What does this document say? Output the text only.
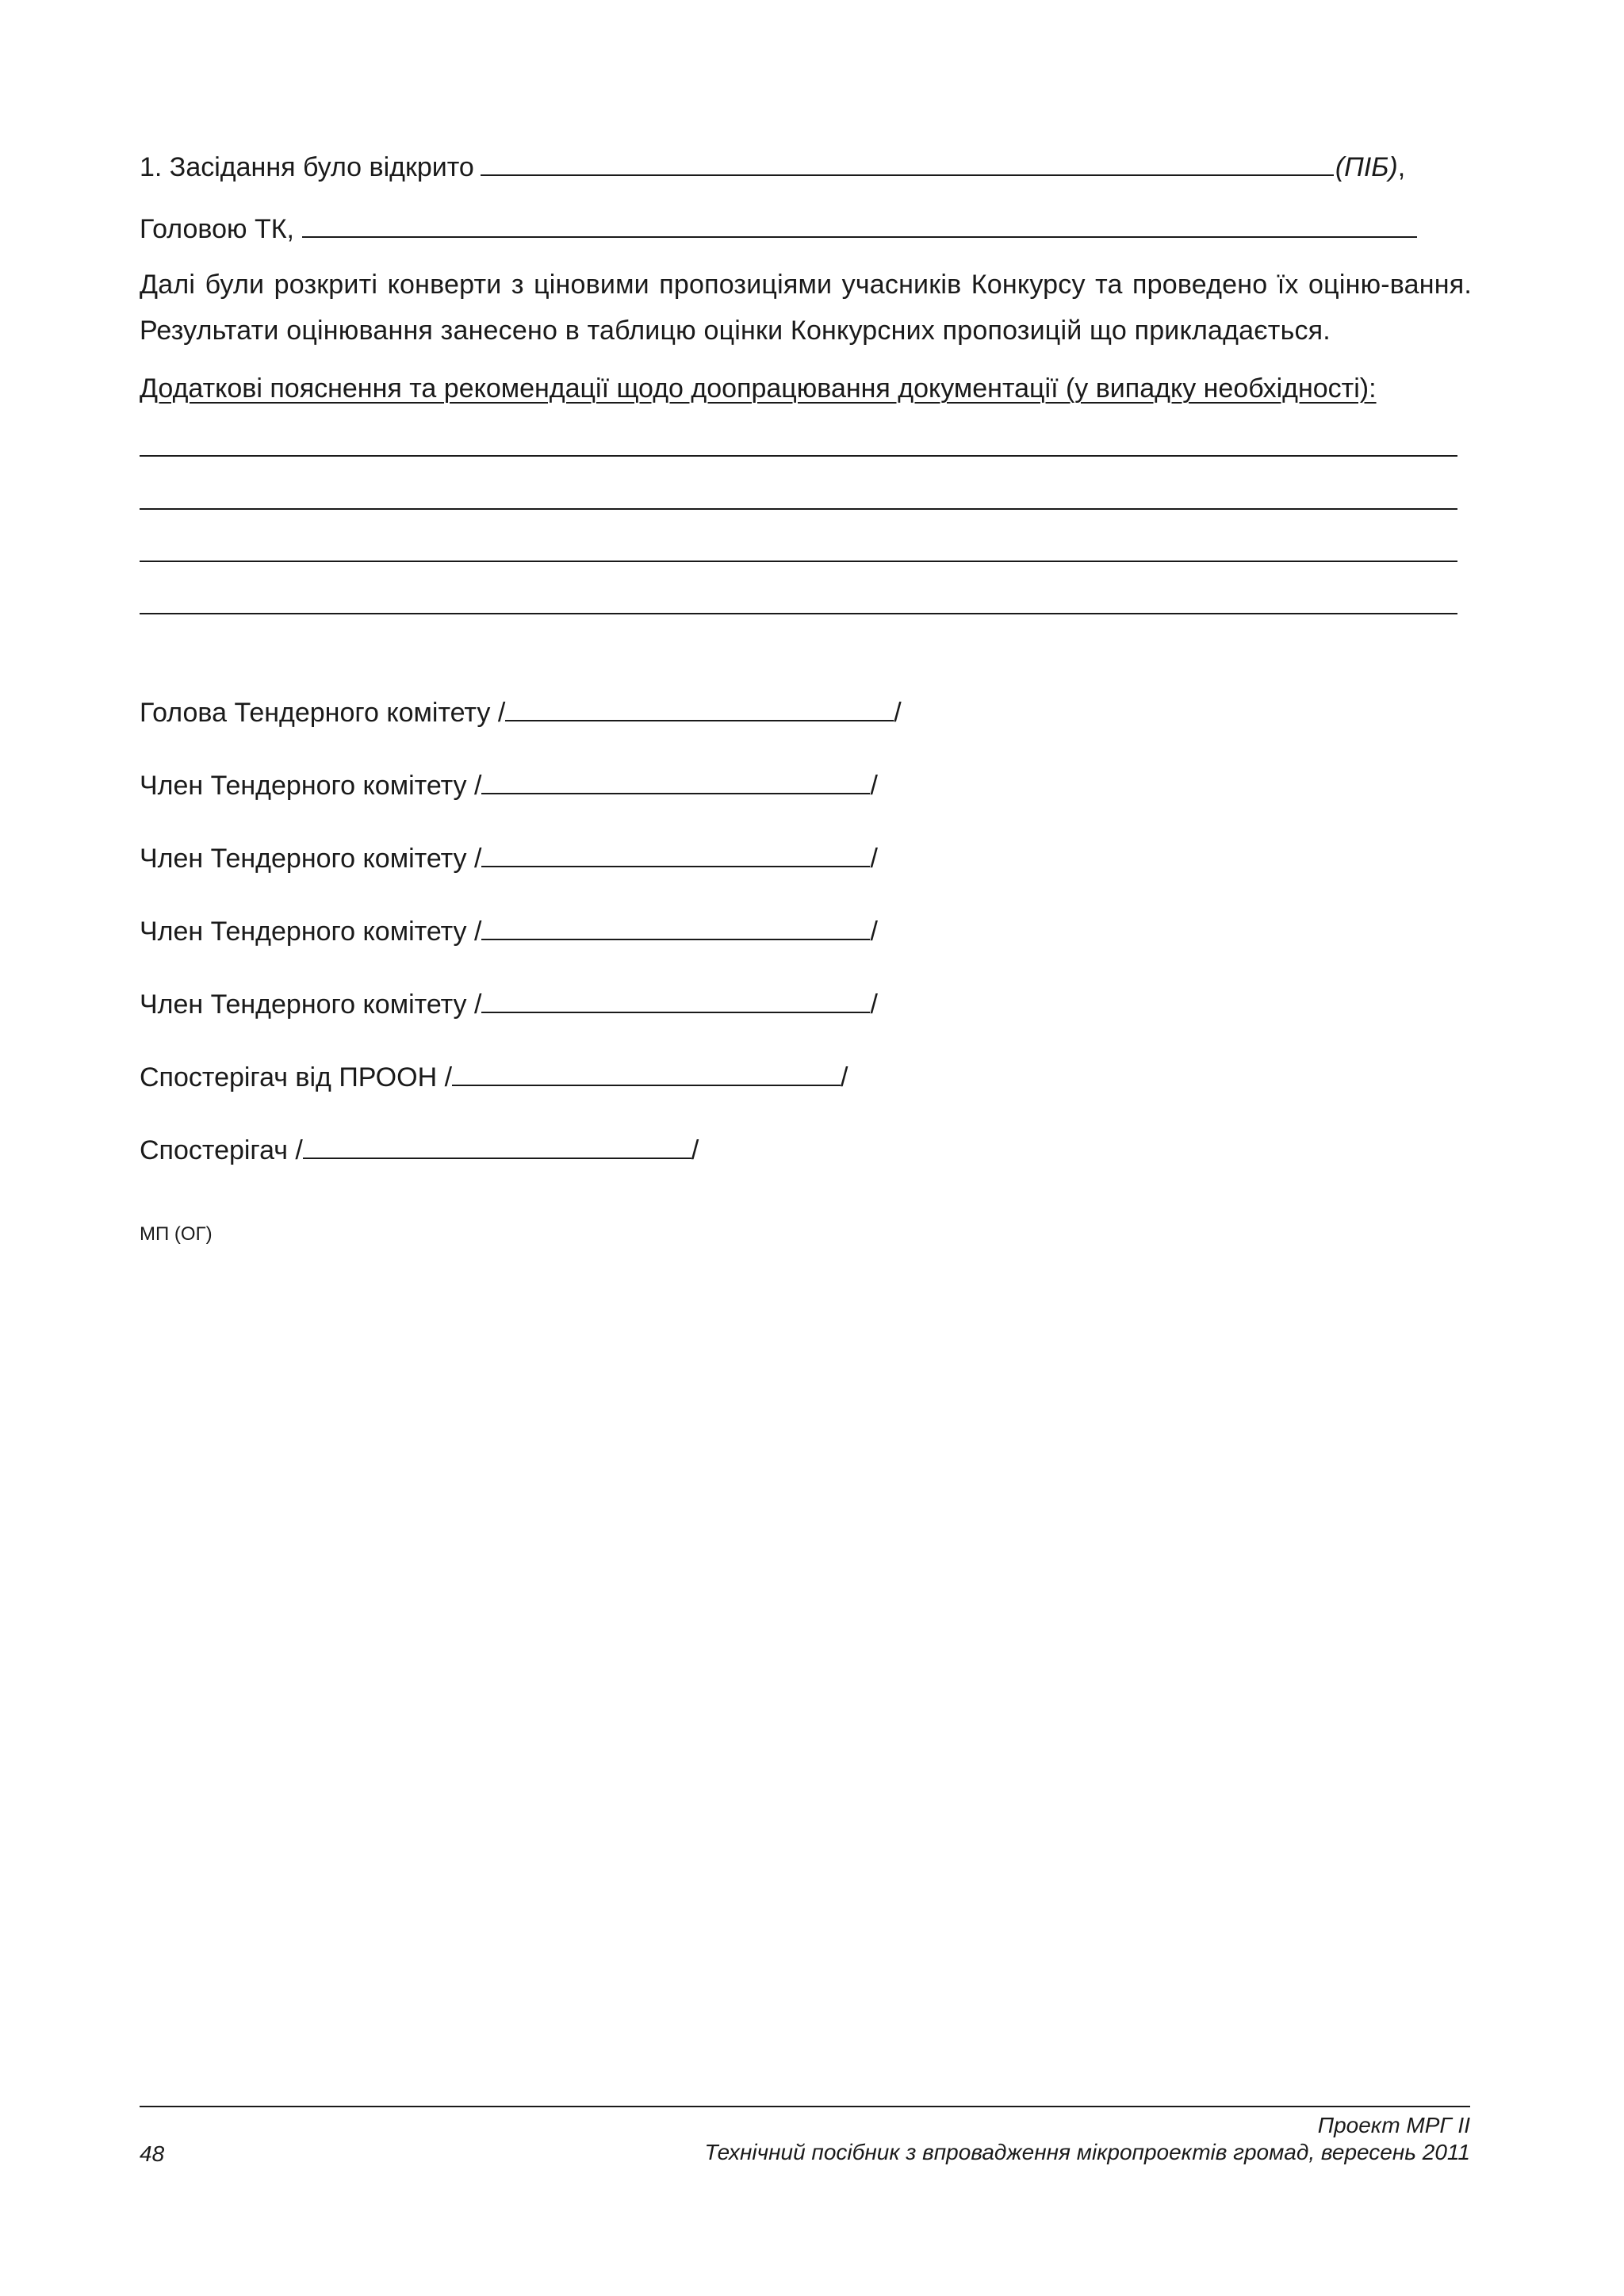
1. Засідання було відкрито	(ПІБ) ,
Головою ТК,
Далі були розкриті конверти з ціновими пропозиціями учасників Конкурсу та проведено їх оціню-вання. Результати оцінювання занесено в таблицю оцінки Конкурсних пропозицій що прикладається.
Додаткові пояснення та рекомендації щодо доопрацювання документації (у випадку необхідності):
Голова Тендерного комітету /	/
Член Тендерного комітету /	/
Член Тендерного комітету /	/
Член Тендерного комітету /	/
Член Тендерного комітету /	/
Спостерігач від ПРООН /	/
Спостерігач /	/
МП (ОГ)
48
Проект МРГ ІІ
Технічний посібник з впровадження мікропроектів громад, вересень 2011
